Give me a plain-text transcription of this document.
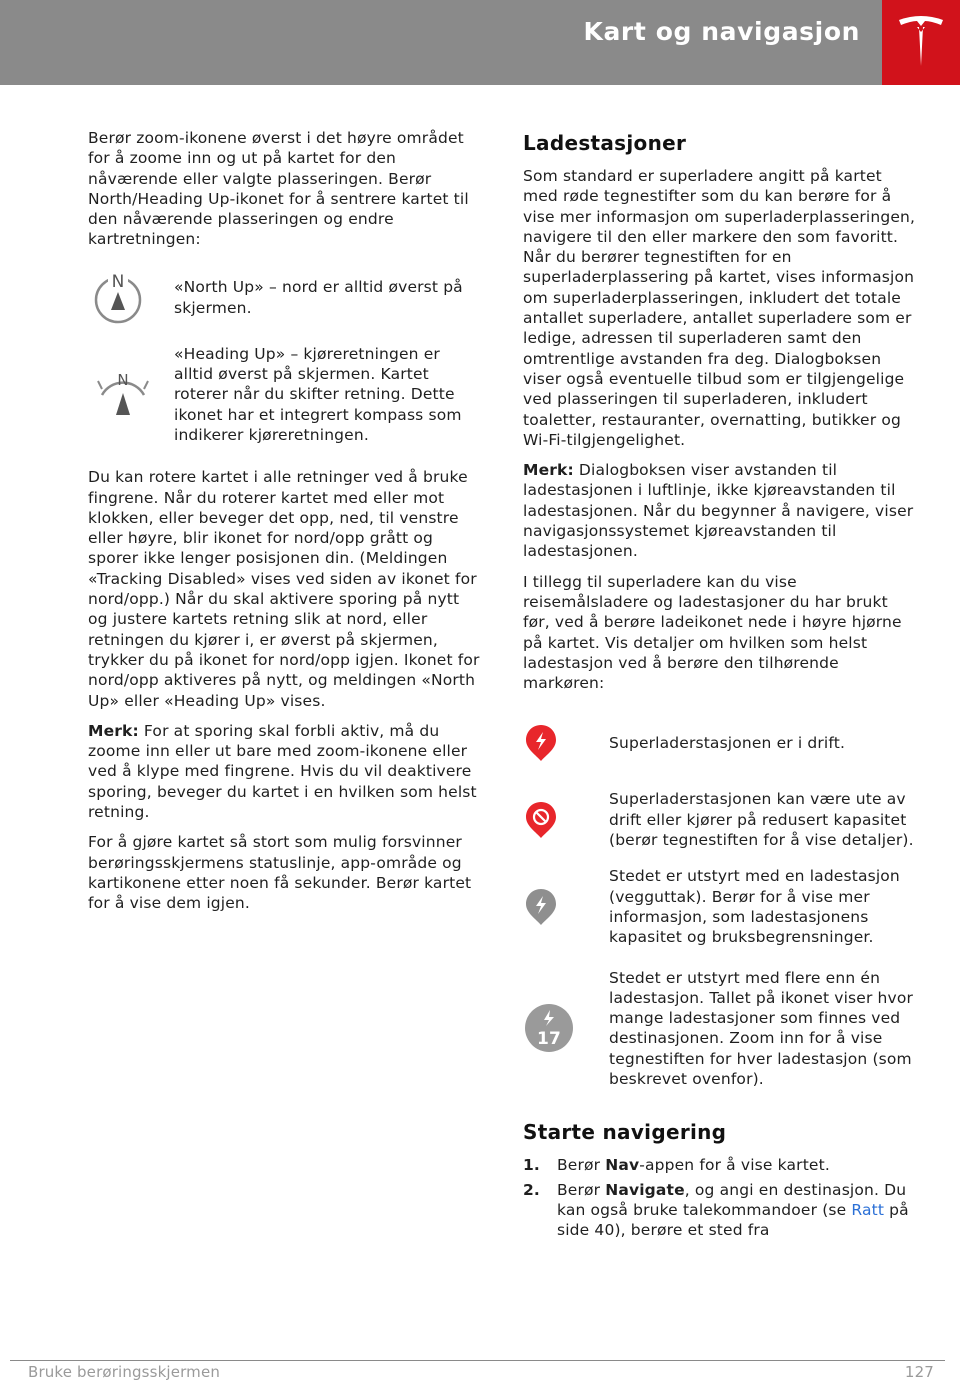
Kart og navigasjon

Berør zoom-ikonene øverst i det høyre området for å zoome inn og ut på kartet for den nåværende eller valgte plasseringen. Berør North/Heading Up-ikonet for å sentrere kartet til den nåværende plasseringen og endre kartretningen:

N	«North Up» – nord er alltid øverst på skjermen.
N
«Heading Up» – kjøreretningen er alltid øverst på skjermen. Kartet roterer når du skifter retning. Dette ikonet har et integrert kompass som indikerer kjøreretningen.

Du kan rotere kartet i alle retninger ved å bruke fingrene. Når du roterer kartet med eller mot klokken, eller beveger det opp, ned, til venstre eller høyre, blir ikonet for nord/opp grått og sporer ikke lenger posisjonen din. (Meldingen «Tracking Disabled» vises ved siden av ikonet for nord/opp.) Når du skal aktivere sporing på nytt og justere kartets retning slik at nord, eller retningen du kjører i, er øverst på skjermen, trykker du på ikonet for nord/opp igjen. Ikonet for nord/opp aktiveres på nytt, og meldingen «North Up» eller «Heading Up» vises.

Merk: For at sporing skal forbli aktiv, må du zoome inn eller ut bare med zoom-ikonene eller ved å klype med fingrene. Hvis du vil deaktivere sporing, beveger du kartet i en hvilken som helst retning.

For å gjøre kartet så stort som mulig forsvinner berøringsskjermens statuslinje, app-område og kartikonene etter noen få sekunder. Berør kartet for å vise dem igjen.

Ladestasjoner

Som standard er superladere angitt på kartet med røde tegnestifter som du kan berøre for å vise mer informasjon om superladerplasseringen, navigere til den eller markere den som favoritt. Når du berører tegnestiften for en superladerplassering på kartet, vises informasjon om superladerplasseringen, inkludert det totale antallet superladere, antallet superladere som er ledige, adressen til superladeren samt den omtrentlige avstanden fra deg. Dialogboksen viser også eventuelle tilbud som er tilgjengelige ved plasseringen til superladeren, inkludert toaletter, restauranter, overnatting, butikker og Wi-Fi-tilgjengelighet.

Merk: Dialogboksen viser avstanden til ladestasjonen i luftlinje, ikke kjøreavstanden til ladestasjonen. Når du begynner å navigere, viser navigasjonssystemet kjøreavstanden til ladestasjonen.

I tillegg til superladere kan du vise reisemålsladere og ladestasjoner du har brukt før, ved å berøre ladeikonet nede i høyre hjørne på kartet. Vis detaljer om hvilken som helst ladestasjon ved å berøre den tilhørende markøren:

Superladerstasjonen er i drift.
Superladerstasjonen kan være ute av drift eller kjører på redusert kapasitet (berør tegnestiften for å vise detaljer).
Stedet er utstyrt med en ladestasjon (vegguttak). Berør for å vise mer informasjon, som ladestasjonens kapasitet og bruksbegrensninger.
17
Stedet er utstyrt med flere enn én ladestasjon. Tallet på ikonet viser hvor mange ladestasjoner som finnes ved destinasjonen. Zoom inn for å vise tegnestiften for hver ladestasjon (som beskrevet ovenfor).
Starte navigering
1. Berør Nav-appen for å vise kartet.
2. Berør Navigate, og angi en destinasjon. Du kan også bruke talekommandoer (se Ratt på side 40), berøre et sted fra
Bruke berøringsskjermen	127
